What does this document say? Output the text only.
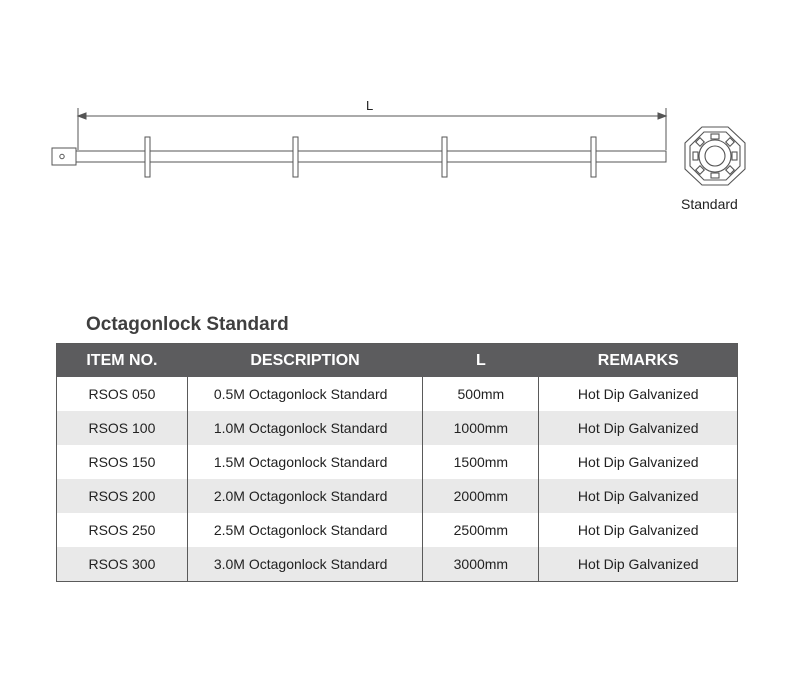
L
Standard
Octagonlock Standard
ITEM NO.	DESCRIPTION	L	REMARKS
RSOS 050	0.5M Octagonlock Standard	500mm	Hot Dip Galvanized
RSOS 100	1.0M Octagonlock Standard	1000mm	Hot Dip Galvanized
RSOS 150	1.5M Octagonlock Standard	1500mm	Hot Dip Galvanized
RSOS 200	2.0M Octagonlock Standard	2000mm	Hot Dip Galvanized
RSOS 250	2.5M Octagonlock Standard	2500mm	Hot Dip Galvanized
RSOS 300	3.0M Octagonlock Standard	3000mm	Hot Dip Galvanized
